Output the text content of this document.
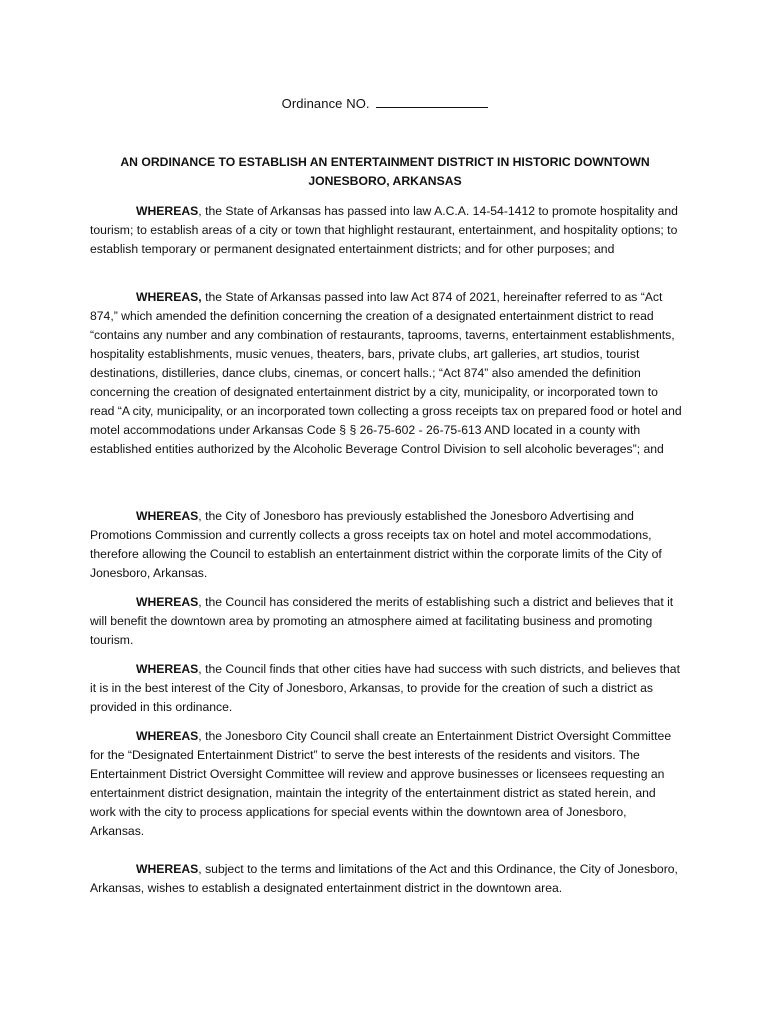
Ordinance NO.
AN ORDINANCE TO ESTABLISH AN ENTERTAINMENT DISTRICT IN HISTORIC DOWNTOWN JONESBORO, ARKANSAS

WHEREAS, the State of Arkansas has passed into law A.C.A. 14-54-1412 to promote hospitality and tourism; to establish areas of a city or town that highlight restaurant, entertainment, and hospitality options; to establish temporary or permanent designated entertainment districts; and for other purposes; and

WHEREAS, the State of Arkansas passed into law Act 874 of 2021, hereinafter referred to as “Act 874,” which amended the definition concerning the creation of a designated entertainment district to read “contains any number and any combination of restaurants, taprooms, taverns, entertainment establishments, hospitality establishments, music venues, theaters, bars, private clubs, art galleries, art studios, tourist destinations, distilleries, dance clubs, cinemas, or concert halls.; “Act 874” also amended the definition concerning the creation of designated entertainment district by a city, municipality, or incorporated town to read “A city, municipality, or an incorporated town collecting a gross receipts tax on prepared food or hotel and motel accommodations under Arkansas Code § § 26-75-602 - 26-75-613 AND located in a county with established entities authorized by the Alcoholic Beverage Control Division to sell alcoholic beverages”; and

WHEREAS, the City of Jonesboro has previously established the Jonesboro Advertising and Promotions Commission and currently collects a gross receipts tax on hotel and motel accommodations, therefore allowing the Council to establish an entertainment district within the corporate limits of the City of Jonesboro, Arkansas.

WHEREAS, the Council has considered the merits of establishing such a district and believes that it will benefit the downtown area by promoting an atmosphere aimed at facilitating business and promoting tourism.

WHEREAS, the Council finds that other cities have had success with such districts, and believes that it is in the best interest of the City of Jonesboro, Arkansas, to provide for the creation of such a district as provided in this ordinance.

WHEREAS, the Jonesboro City Council shall create an Entertainment District Oversight Committee for the “Designated Entertainment District” to serve the best interests of the residents and visitors. The Entertainment District Oversight Committee will review and approve businesses or licensees requesting an entertainment district designation, maintain the integrity of the entertainment district as stated herein, and work with the city to process applications for special events within the downtown area of Jonesboro, Arkansas.

WHEREAS, subject to the terms and limitations of the Act and this Ordinance, the City of Jonesboro, Arkansas, wishes to establish a designated entertainment district in the downtown area.
